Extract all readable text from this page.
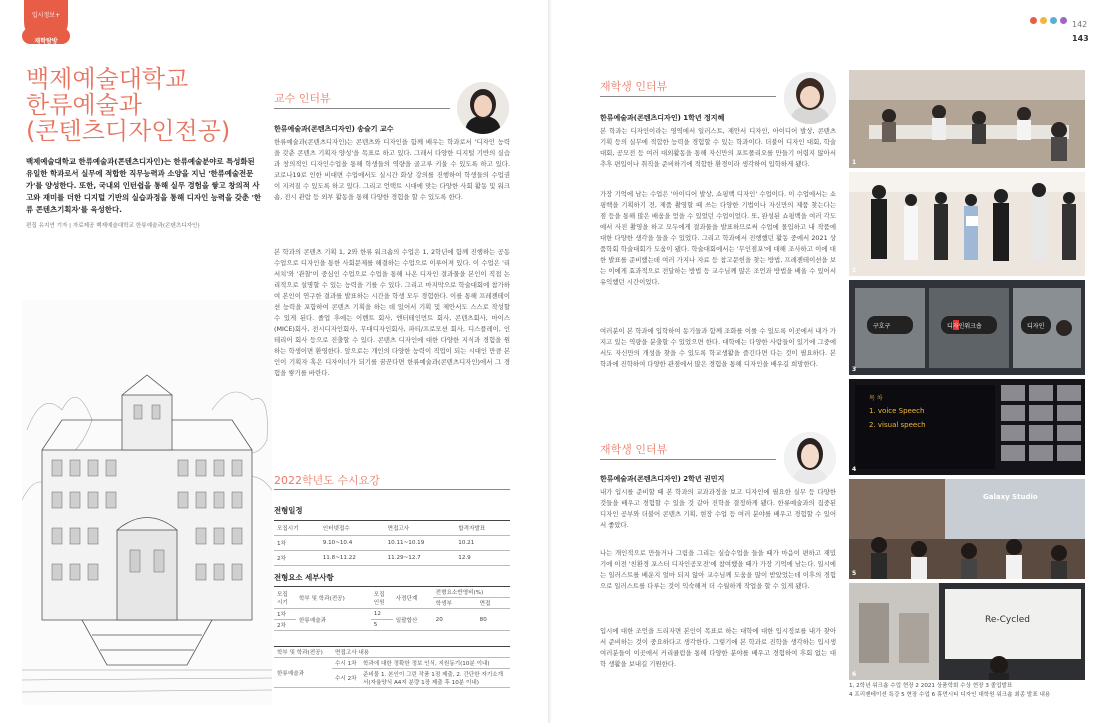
입시정보+
재학탐방
142
143
백제예술대학교
한류예술과
(콘텐츠디자인전공)
백제예술대학교 한류예술과(콘텐츠디자인)는 한류예술분야로 특성화된 유일한 학과로서 실무에 적합한 직무능력과 소양을 지닌 '한류예술전문가'를 양성한다. 또한, 국내외 인턴쉽을 통해 실무 경험을 쌓고 창의적 사고와 재미를 더한 디지털 기반의 실습과정을 통해 디자인 능력을 갖춘 '한류 콘텐츠기획자'를 육성한다.
편집 유지연 기자 | 자료제공 백제예술대학교 한류예술과(콘텐츠디자인)
교수 인터뷰
한류예술과(콘텐츠디자인) 송슬기 교수
한류예술과(콘텐츠디자인)는 콘텐츠와 디자인을 함께 배우는 학과로서 '디자인 능력을 갖춘 콘텐츠 기획자 양성'을 목표로 하고 있다. 그래서 다양한 디지털 기반의 실습과 창의적인 디자인수업을 통해 학생들의 역량을 골고루 키울 수 있도록 하고 있다. 코로나19로 인한 비대면 수업에서도 실시간 화상 강의를 진행하여 학생들의 수업권이 지켜질 수 있도록 하고 있다. 그리고 언택트 시대에 맞는 다양한 사회 활동 및 워크숍, 전시 관람 등 외부 활동을 통해 다양한 경험을 할 수 있도록 한다.
본 학과의 콘텐츠 기획 1, 2와 한류 워크숍의 수업은 1, 2학년에 함께 진행하는 공동 수업으로 디자인을 통한 사회문제를 해결하는 수업으로 이루어져 있다. 이 수업은 '리서치'와 '관찰'이 중심인 수업으로 수업을 통해 나온 디자인 결과물을 본인이 직접 논리적으로 설명할 수 있는 능력을 기를 수 있다. 그리고 마지막으로 학술대회에 참가하여 본인이 연구한 결과를 발표하는 시간을 학생 모두 경험한다. 이를 통해 프레젠테이션 능력을 포함하여 콘텐츠 기획을 하는 데 있어서 기획 및 제안서도 스스로 작성할 수 있게 된다. 졸업 후에는 이벤트 회사, 엔터테인먼트 회사, 콘텐츠회사, 마이스(MICE)회사, 전시디자인회사, 무대디자인회사, 파티/프로모션 회사, 디스플레이, 인테리어 회사 등으로 진출할 수 있다. 콘텐츠 디자인에 대한 다양한 지식과 경험을 원하는 학생이면 환영한다. 앞으로는 개인의 다양한 능력이 직업이 되는 시대인 만큼 본인이 기획자 혹은 디자이너가 되기를 꿈꾼다면 한류예술과(콘텐츠디자인)에서 그 경험을 쌓기를 바란다.
2022학년도 수시요강
전형일정
모집시기	인터넷접수	면접고사	합격자발표
1차	9.10~10.4	10.11~10.19	10.21
2차	11.8~11.22	11.29~12.7	12.9
전형요소 세부사항
모집시기	학부 및 학과(전공)	모집인원	사정단계	전형요소반영비(%)	
				학생부	면접
1차	한류예술과	12	일괄합산	20	80
2차		5			
학부 및 학과(전공)	면접고사 내용	
한류예술과	수시 1차	학과에 대한 정확한 정보 인식, 지원동기(10분 이내)
	수시 2차	준비물 1. 본인이 그린 작품 1점 제출, 2. 간단한 자기소개서(자율양식 A4지 분량 1장 제출 후 10분 이내)
재학생 인터뷰
한류예술과(콘텐츠디자인) 1학년 정지혜
본 학과는 디자인이라는 영역에서 일러스트, 제안서 디자인, 아이디어 발상, 콘텐츠 기획 등의 실무에 적합한 능력을 경험할 수 있는 학과이다. 더불어 디자인 대회, 학술대회, 공모전 등 여러 대외활동을 통해 자신만의 포트폴리오를 만들기 어렵지 않아서 추후 편입이나 취직을 준비하기에 적합한 환경이라 생각하여 입학하게 됐다.
가장 기억에 남는 수업은 '아이디어 발상, 쇼핑백 디자인' 수업이다. 이 수업에서는 쇼핑백을 기획하기 전, 제품 촬영할 때 쓰는 다양한 기법이나 자신만의 제품 찾는다는 점 등을 통해 많은 배움을 얻을 수 있었던 수업이었다. 또, 완성된 쇼핑백을 여러 각도에서 사진 촬영을 하고 모두에게 결과물을 발표하므로써 수업에 몰입하고 내 작품에 대한 다양한 생각을 들을 수 있었다. 그리고 학과에서 진행했던 활동 중에서 2021 상품학회 학술대회가 도움이 됐다. 학술대회에서는 '무인점포'에 대해 조사하고 이에 대한 발표를 준비했는데 여러 가지나 자료 등 참고문헌을 찾는 방법, 프레젠테이션을 보는 이에게 효과적으로 전달하는 방법 등 교수님께 많은 조언과 방법을 배울 수 있어서 유익했던 시간이었다.
여러분이 본 학과에 입학하여 동기들과 함께 조화를 이룰 수 있도록 이곳에서 내가 가지고 있는 역량을 분출할 수 있었으면 한다. 대학에는 다양한 사람들이 있기에 그중에서도 자신만의 개성을 찾을 수 있도록 학교생활을 즐긴다면 다는 것이 필요하다. 본 학과에 진학하여 다양한 관점에서 많은 경험을 통해 디자인을 배우길 희망한다.
재학생 인터뷰
한류예술과(콘텐츠디자인) 2학년 권민지
내가 입시를 준비할 때 본 학과의 교과과정을 보고 디자인에 필요한 실무 등 다양한 것들을 배우고 경험할 수 있을 것 같아 진학을 결정하게 됐다. 한류예술과의 집중된 디자인 공부와 더불어 콘텐츠 기획, 현장 수업 등 여러 분야를 배우고 경험할 수 있어서 좋았다.
나는 개인적으로 만들거나 그림을 그리는 실습수업을 들을 때가 마음이 편하고 재밌기에 이전 '친환경 포스터 디자인공모전'에 참여했을 때가 가장 기억에 남는다. 일시에는 일러스트를 배운지 얼마 되지 않아 교수님께 도움을 많이 받았었는데 이후의 경험으로 일러스트를 다루는 것이 익숙해져 더 수월하게 작업을 할 수 있게 됐다.
입시에 대한 조언을 드리자면 본인이 목표로 하는 대학에 대한 입시정보를 내가 찾아서 준비하는 것이 중요하다고 생각한다. 그렇기에 본 학과로 진학을 생각하는 입시생 여러분들이 이곳에서 커리큘럼을 통해 다양한 분야를 배우고 경험하여 후회 없는 대학 생활을 보내길 기원한다.
1
2
구호구	디자인워크숍	디자인
3
목 차
1. voice Speech
2. visual speech
4
Galaxy Studio
5
Re-Cycled
6
1, 2학년 워크숍 수업 현장 2 2021 상품학회 수상 현장 3 졸업발표
4 프리젠테이션 특강 5 현장 수업 6 휴먼시티 디자인 대학원 워크숍 최종 발표 내용
